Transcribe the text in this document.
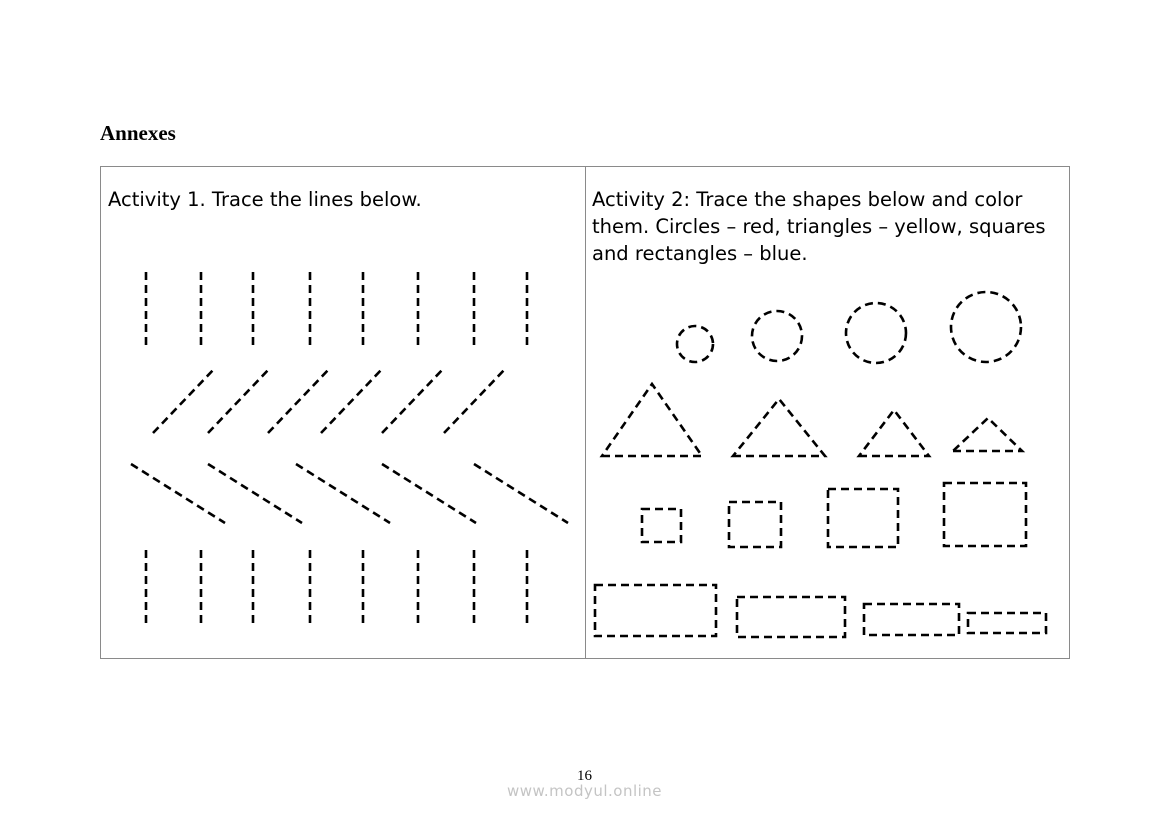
Annexes

Activity 1. Trace the lines below.	Activity 2: Trace the shapes below and color them. Circles – red, triangles – yellow, squares and rectangles – blue.

16
www.modyul.online
